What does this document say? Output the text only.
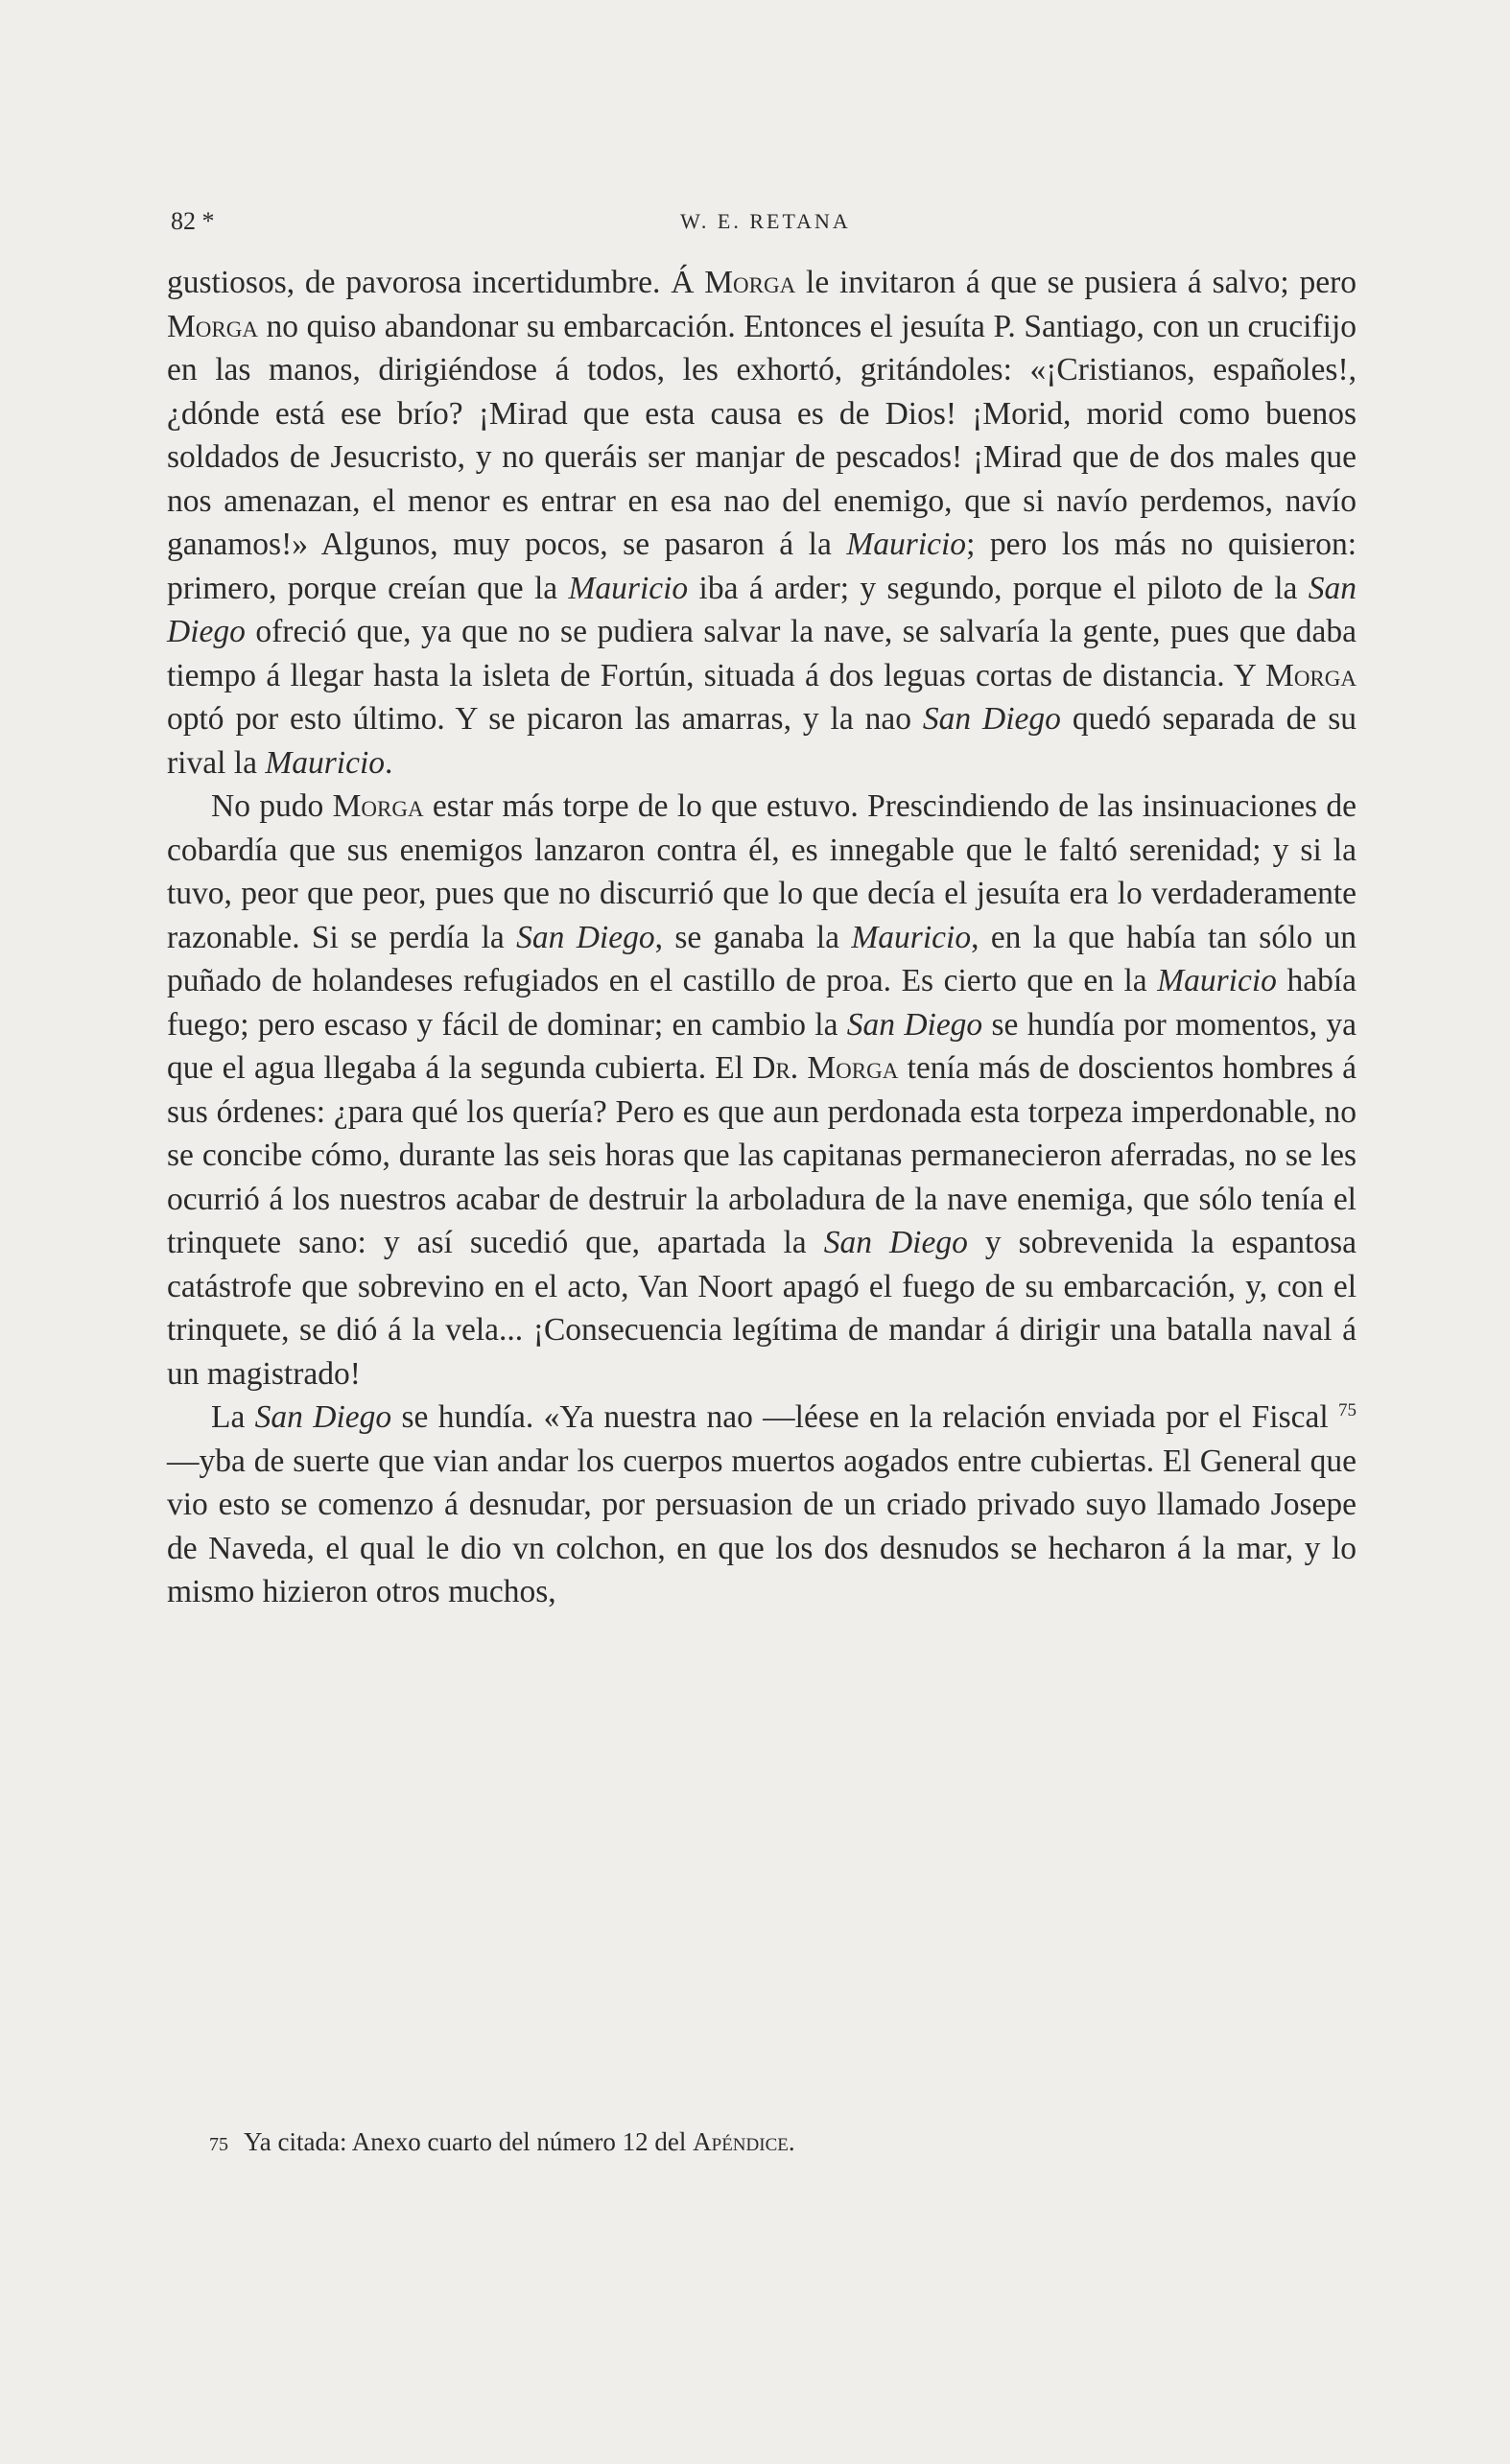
82 *	W. E. RETANA

gustiosos, de pavorosa incertidumbre. Á Morga le invitaron á que se pusiera á salvo; pero Morga no quiso abandonar su embarcación. Entonces el jesuíta P. Santiago, con un crucifijo en las manos, dirigiéndose á todos, les exhortó, gritándoles: «¡Cristianos, españoles!, ¿dónde está ese brío? ¡Mirad que esta causa es de Dios! ¡Morid, morid como buenos soldados de Jesucristo, y no queráis ser manjar de pescados! ¡Mirad que de dos males que nos amenazan, el menor es entrar en esa nao del enemigo, que si navío perdemos, navío ganamos!» Algunos, muy pocos, se pasaron á la Mauricio; pero los más no quisieron: primero, porque creían que la Mauricio iba á arder; y segundo, porque el piloto de la San Diego ofreció que, ya que no se pudiera salvar la nave, se salvaría la gente, pues que daba tiempo á llegar hasta la isleta de Fortún, situada á dos leguas cortas de distancia. Y Morga optó por esto último. Y se picaron las amarras, y la nao San Diego quedó separada de su rival la Mauricio.

No pudo Morga estar más torpe de lo que estuvo. Prescindiendo de las insinuaciones de cobardía que sus enemigos lanzaron contra él, es innegable que le faltó serenidad; y si la tuvo, peor que peor, pues que no discurrió que lo que decía el jesuíta era lo verdaderamente razonable. Si se perdía la San Diego, se ganaba la Mauricio, en la que había tan sólo un puñado de holandeses refugiados en el castillo de proa. Es cierto que en la Mauricio había fuego; pero escaso y fácil de dominar; en cambio la San Diego se hundía por momentos, ya que el agua llegaba á la segunda cubierta. El Dr. Morga tenía más de doscientos hombres á sus órdenes: ¿para qué los quería? Pero es que aun perdonada esta torpeza imperdonable, no se concibe cómo, durante las seis horas que las capitanas permanecieron aferradas, no se les ocurrió á los nuestros acabar de destruir la arboladura de la nave enemiga, que sólo tenía el trinquete sano: y así sucedió que, apartada la San Diego y sobrevenida la espantosa catástrofe que sobrevino en el acto, Van Noort apagó el fuego de su embarcación, y, con el trinquete, se dió á la vela... ¡Consecuencia legítima de mandar á dirigir una batalla naval á un magistrado!

La San Diego se hundía. «Ya nuestra nao —léese en la relación enviada por el Fiscal $^{75}$—yba de suerte que vian andar los cuerpos muertos aogados entre cubiertas. El General que vio esto se comenzo á desnudar, por persuasion de un criado privado suyo llamado Josepe de Naveda, el qual le dio vn colchon, en que los dos desnudos se hecharon á la mar, y lo mismo hizieron otros muchos,

75 Ya citada: Anexo cuarto del número 12 del Apéndice.
